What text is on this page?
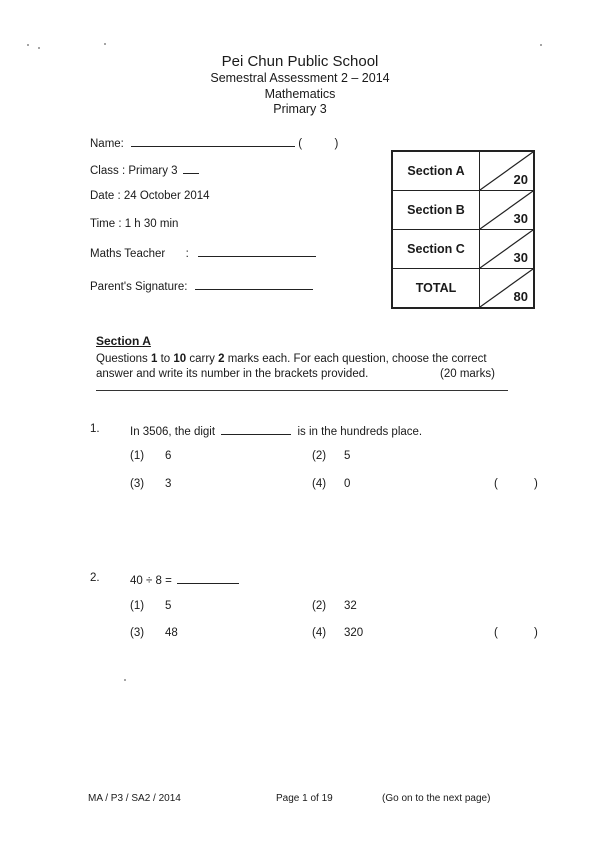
Pei Chun Public School
Semestral Assessment 2 – 2014
Mathematics
Primary 3
Name:	(	)
Class : Primary 3
Date : 24 October 2014
Time : 1 h 30 min
Maths Teacher :
Parent's Signature:
Section A	20

Section B	30

Section C	30

TOTAL	80
Section A
Questions 1 to 10 carry 2 marks each. For each question, choose the correct
answer and write its number in the brackets provided.	(20 marks)
1.	In 3506, the digit	is in the hundreds place.
(1) 6	(2) 5
(3) 3	(4) 0	(	)
2.	40 ÷ 8 =
(1) 5	(2) 32
(3) 48	(4) 320	(	)
MA / P3 / SA2 / 2014	Page 1 of 19	(Go on to the next page)
